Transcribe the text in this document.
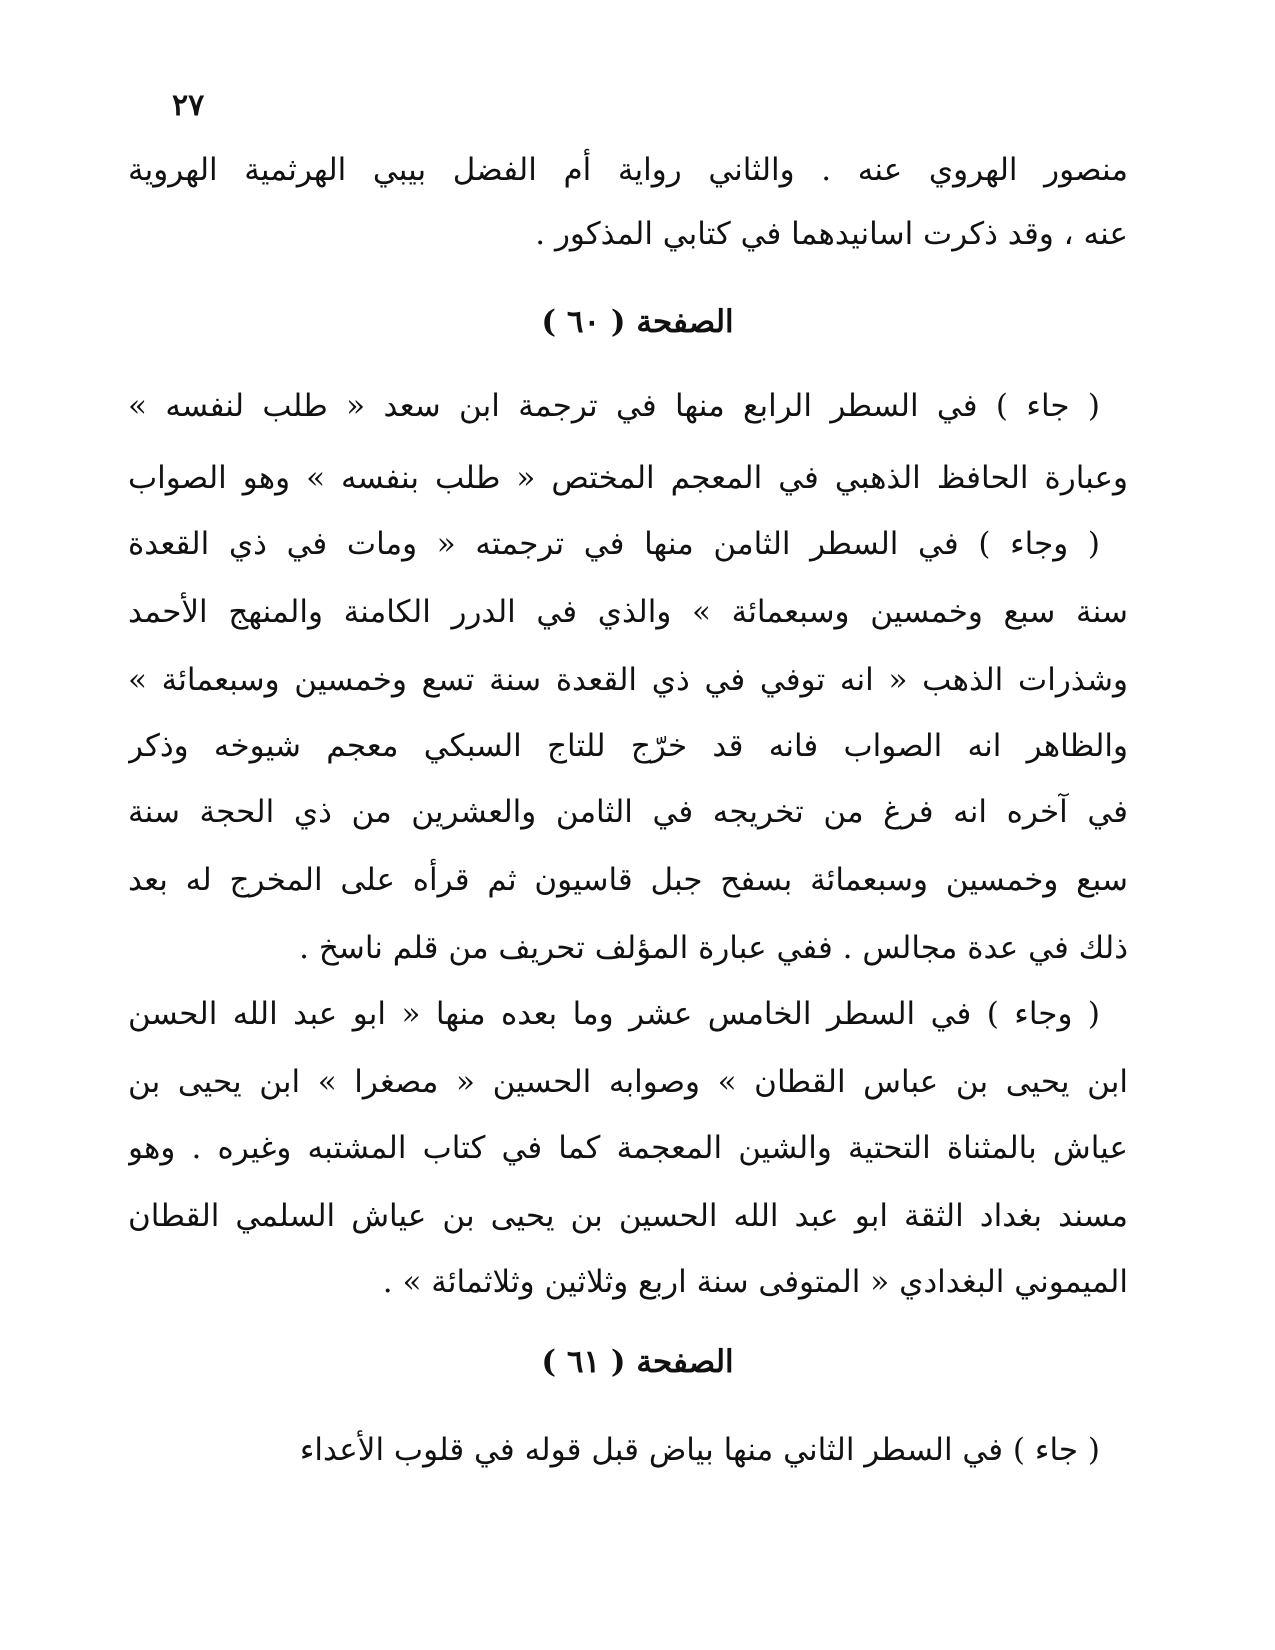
٢٧
منصور الهروي عنه . والثاني رواية أم الفضل بيبي الهرثمية الهروية
عنه ، وقد ذكرت اسانيدهما في كتابي المذكور .
الصفحة ( ٦٠ )
( جاء ) في السطر الرابع منها في ترجمة ابن سعد « طلب لنفسه »
وعبارة الحافظ الذهبي في المعجم المختص « طلب بنفسه » وهو الصواب
( وجاء ) في السطر الثامن منها في ترجمته « ومات في ذي القعدة
سنة سبع وخمسين وسبعمائة » والذي في الدرر الكامنة والمنهج الأحمد
وشذرات الذهب « انه توفي في ذي القعدة سنة تسع وخمسين وسبعمائة »
والظاهر انه الصواب فانه قد خرّج للتاج السبكي معجم شيوخه وذكر
في آخره انه فرغ من تخريجه في الثامن والعشرين من ذي الحجة سنة
سبع وخمسين وسبعمائة بسفح جبل قاسيون ثم قرأه على المخرج له بعد
ذلك في عدة مجالس . ففي عبارة المؤلف تحريف من قلم ناسخ .
( وجاء ) في السطر الخامس عشر وما بعده منها « ابو عبد الله الحسن
ابن يحيى بن عباس القطان » وصوابه الحسين « مصغرا » ابن يحيى بن
عياش بالمثناة التحتية والشين المعجمة كما في كتاب المشتبه وغيره . وهو
مسند بغداد الثقة ابو عبد الله الحسين بن يحيى بن عياش السلمي القطان
الميموني البغدادي « المتوفى سنة اربع وثلاثين وثلاثمائة » .
الصفحة ( ٦١ )
( جاء ) في السطر الثاني منها بياض قبل قوله في قلوب الأعداء
